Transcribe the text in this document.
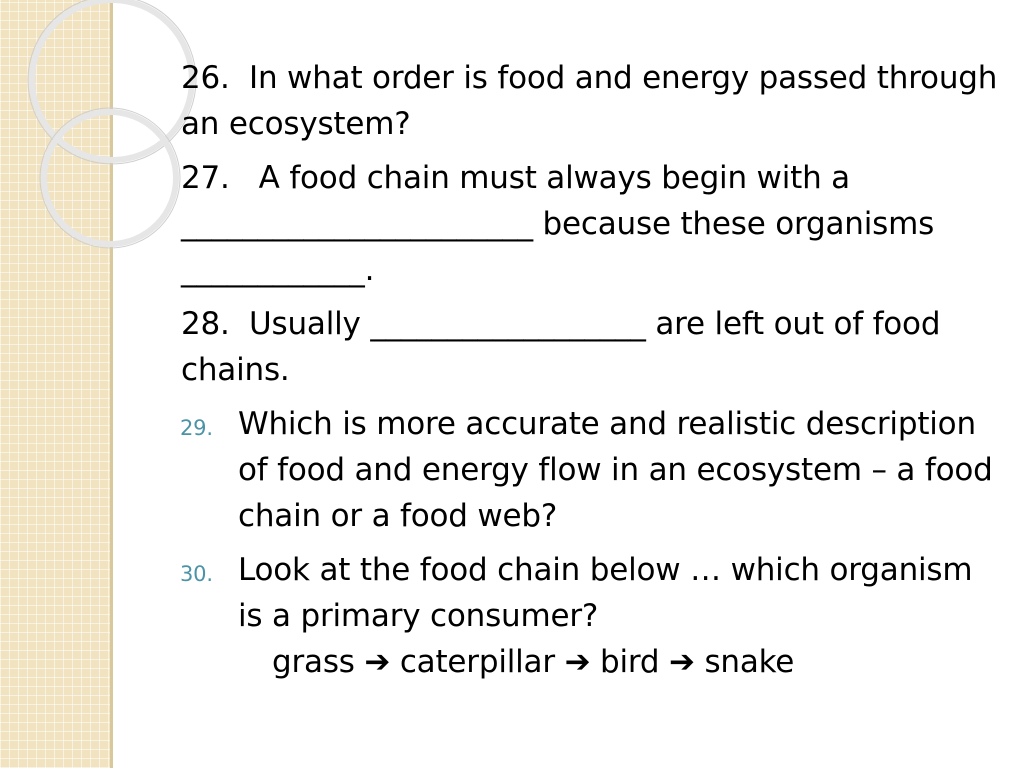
26.  In what order is food and energy passed through an ecosystem?

27.   A food chain must always begin with a _______________________ because these organisms ____________.

28.  Usually __________________ are left out of food chains.

29. Which is more accurate and realistic description of food and energy flow in an ecosystem – a food chain or a food web?
30. Look at the food chain below … which organism is a primary consumer?
grass ➔ caterpillar ➔ bird ➔ snake
